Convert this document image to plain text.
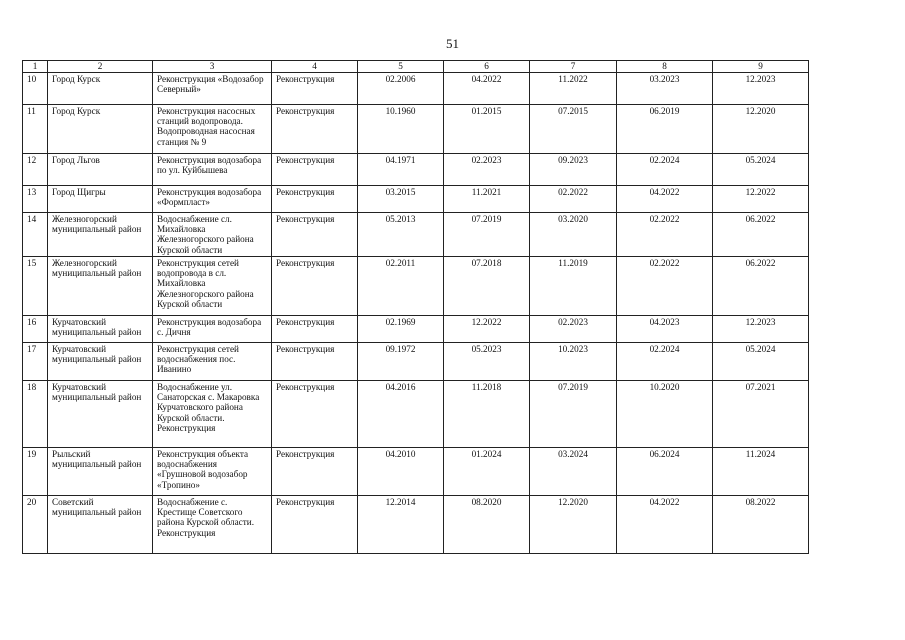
51
1	2	3	4	5	6	7	8	9
10	Город Курск	Реконструкция «Водозабор Северный»	Реконструкция	02.2006	04.2022	11.2022	03.2023	12.2023
11	Город Курск	Реконструкция насосных станций водопровода. Водопроводная насосная станция № 9	Реконструкция	10.1960	01.2015	07.2015	06.2019	12.2020
12	Город Льгов	Реконструкция водозабора по ул. Куйбышева	Реконструкция	04.1971	02.2023	09.2023	02.2024	05.2024
13	Город Щигры	Реконструкция водозабора «Формпласт»	Реконструкция	03.2015	11.2021	02.2022	04.2022	12.2022
14	Железногорский муниципальный район	Водоснабжение сл. Михайловка Железногорского района Курской области	Реконструкция	05.2013	07.2019	03.2020	02.2022	06.2022
15	Железногорский муниципальный район	Реконструкция сетей водопровода в сл. Михайловка Железногорского района Курской области	Реконструкция	02.2011	07.2018	11.2019	02.2022	06.2022
16	Курчатовский муниципальный район	Реконструкция водозабора с. Дичня	Реконструкция	02.1969	12.2022	02.2023	04.2023	12.2023
17	Курчатовский муниципальный район	Реконструкция сетей водоснабжения пос. Иванино	Реконструкция	09.1972	05.2023	10.2023	02.2024	05.2024
18	Курчатовский муниципальный район	Водоснабжение ул. Санаторская с. Макаровка Курчатовского района Курской области. Реконструкция	Реконструкция	04.2016	11.2018	07.2019	10.2020	07.2021
19	Рыльский муниципальный район	Реконструкция объекта водоснабжения «Грушновой водозабор «Тропино»	Реконструкция	04.2010	01.2024	03.2024	06.2024	11.2024
20	Советский муниципальный район	Водоснабжение с. Крестище Советского района Курской области. Реконструкция	Реконструкция	12.2014	08.2020	12.2020	04.2022	08.2022
